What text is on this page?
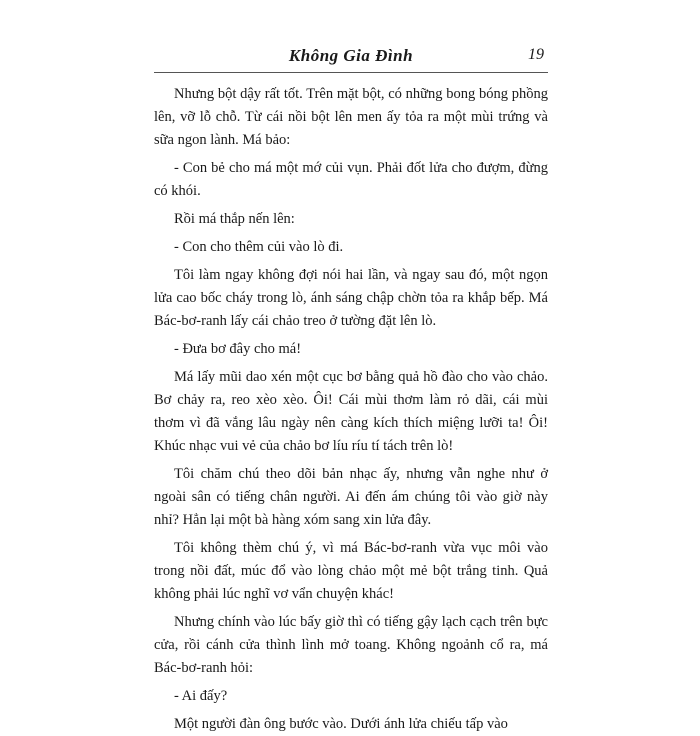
Không Gia Đình	19

Nhưng bột dậy rất tốt. Trên mặt bột, có những bong bóng phồng lên, vỡ lỗ chỗ. Từ cái nồi bột lên men ấy tỏa ra một mùi trứng và sữa ngon lành. Má bảo:

- Con bẻ cho má một mớ củi vụn. Phải đốt lửa cho đượm, đừng có khói.

Rồi má thắp nến lên:

- Con cho thêm củi vào lò đi.

Tôi làm ngay không đợi nói hai lần, và ngay sau đó, một ngọn lửa cao bốc cháy trong lò, ánh sáng chập chờn tỏa ra khắp bếp. Má Bác-bơ-ranh lấy cái chảo treo ở tường đặt lên lò.

- Đưa bơ đây cho má!

Má lấy mũi dao xén một cục bơ bằng quả hồ đào cho vào chảo. Bơ chảy ra, reo xèo xèo. Ôi! Cái mùi thơm làm rỏ dãi, cái mùi thơm vì đã vắng lâu ngày nên càng kích thích miệng lưỡi ta! Ôi! Khúc nhạc vui vẻ của chảo bơ líu ríu tí tách trên lò!

Tôi chăm chú theo dõi bản nhạc ấy, nhưng vẫn nghe như ở ngoài sân có tiếng chân người. Ai đến ám chúng tôi vào giờ này nhỉ? Hẳn lại một bà hàng xóm sang xin lửa đây.

Tôi không thèm chú ý, vì má Bác-bơ-ranh vừa vục môi vào trong nồi đất, múc đổ vào lòng chảo một mẻ bột trắng tinh. Quả không phải lúc nghĩ vơ vẩn chuyện khác!

Nhưng chính vào lúc bấy giờ thì có tiếng gậy lạch cạch trên bực cửa, rồi cánh cửa thình lình mở toang. Không ngoảnh cổ ra, má Bác-bơ-ranh hỏi:

- Ai đấy?

Một người đàn ông bước vào. Dưới ánh lửa chiếu tấp vào
